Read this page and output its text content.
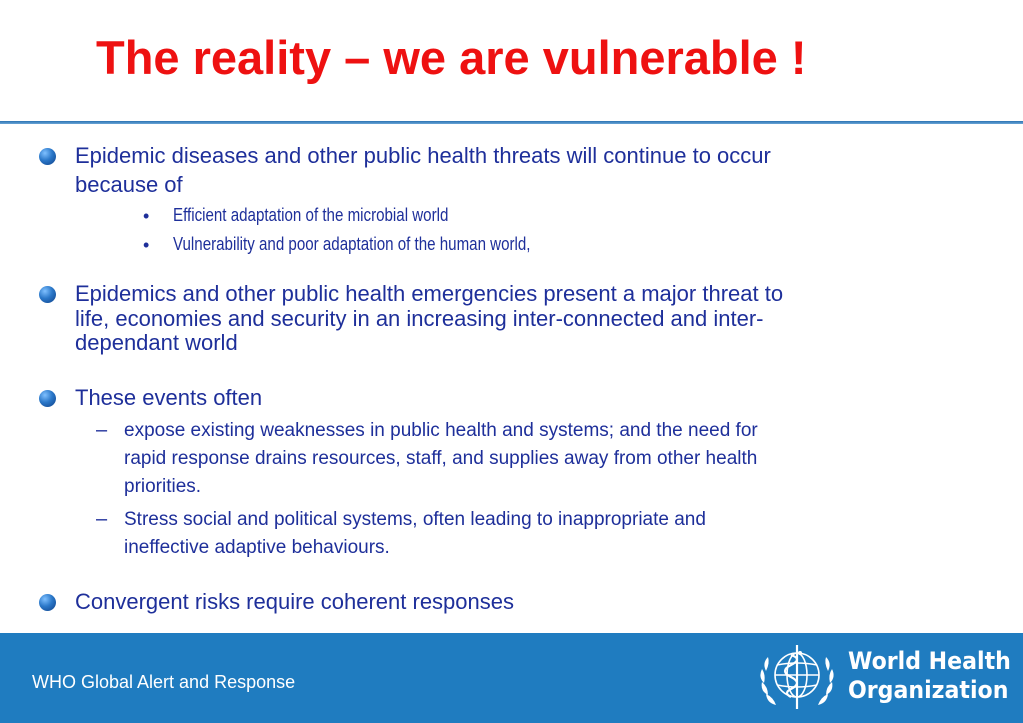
The reality – we are vulnerable !
Epidemic diseases and other public health threats will continue to occur
because of
• Efficient adaptation of the microbial world
• Vulnerability and poor adaptation of the human world,
Epidemics and other public health emergencies present a major threat to
life, economies and security in an increasing inter-connected and inter-
dependant world
These events often
– expose existing weaknesses in public health and systems; and the need for
rapid response drains resources, staff, and supplies away from other health
priorities.
– Stress social and political systems, often leading to inappropriate and
ineffective adaptive behaviours.
Convergent risks require coherent responses
WHO Global Alert and Response
World Health
Organization
